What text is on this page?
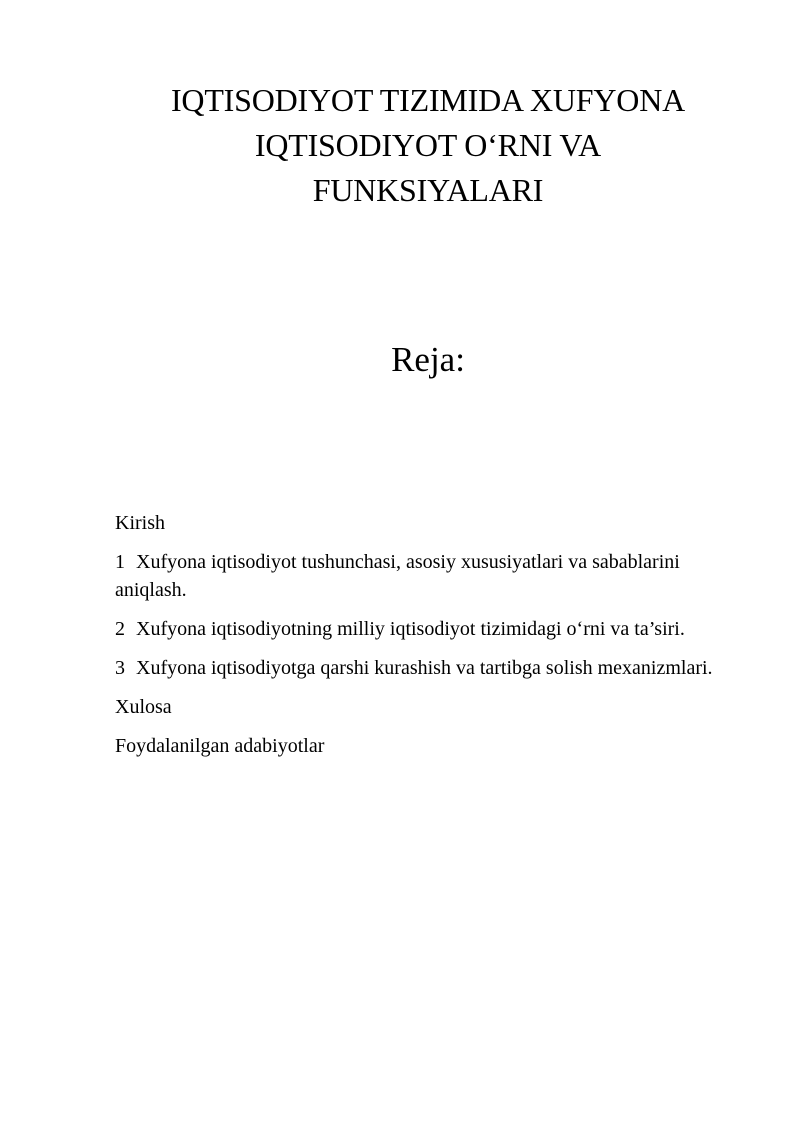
IQTISODIYOT TIZIMIDA XUFYONA
IQTISODIYOT O‘RNI VA
FUNKSIYALARI
Reja:
Kirish
1 Xufyona iqtisodiyot tushunchasi, asosiy xususiyatlari va sabablarini aniqlash.
2 Xufyona iqtisodiyotning milliy iqtisodiyot tizimidagi o‘rni va ta’siri.
3 Xufyona iqtisodiyotga qarshi kurashish va tartibga solish mexanizmlari.
Xulosa
Foydalanilgan adabiyotlar
